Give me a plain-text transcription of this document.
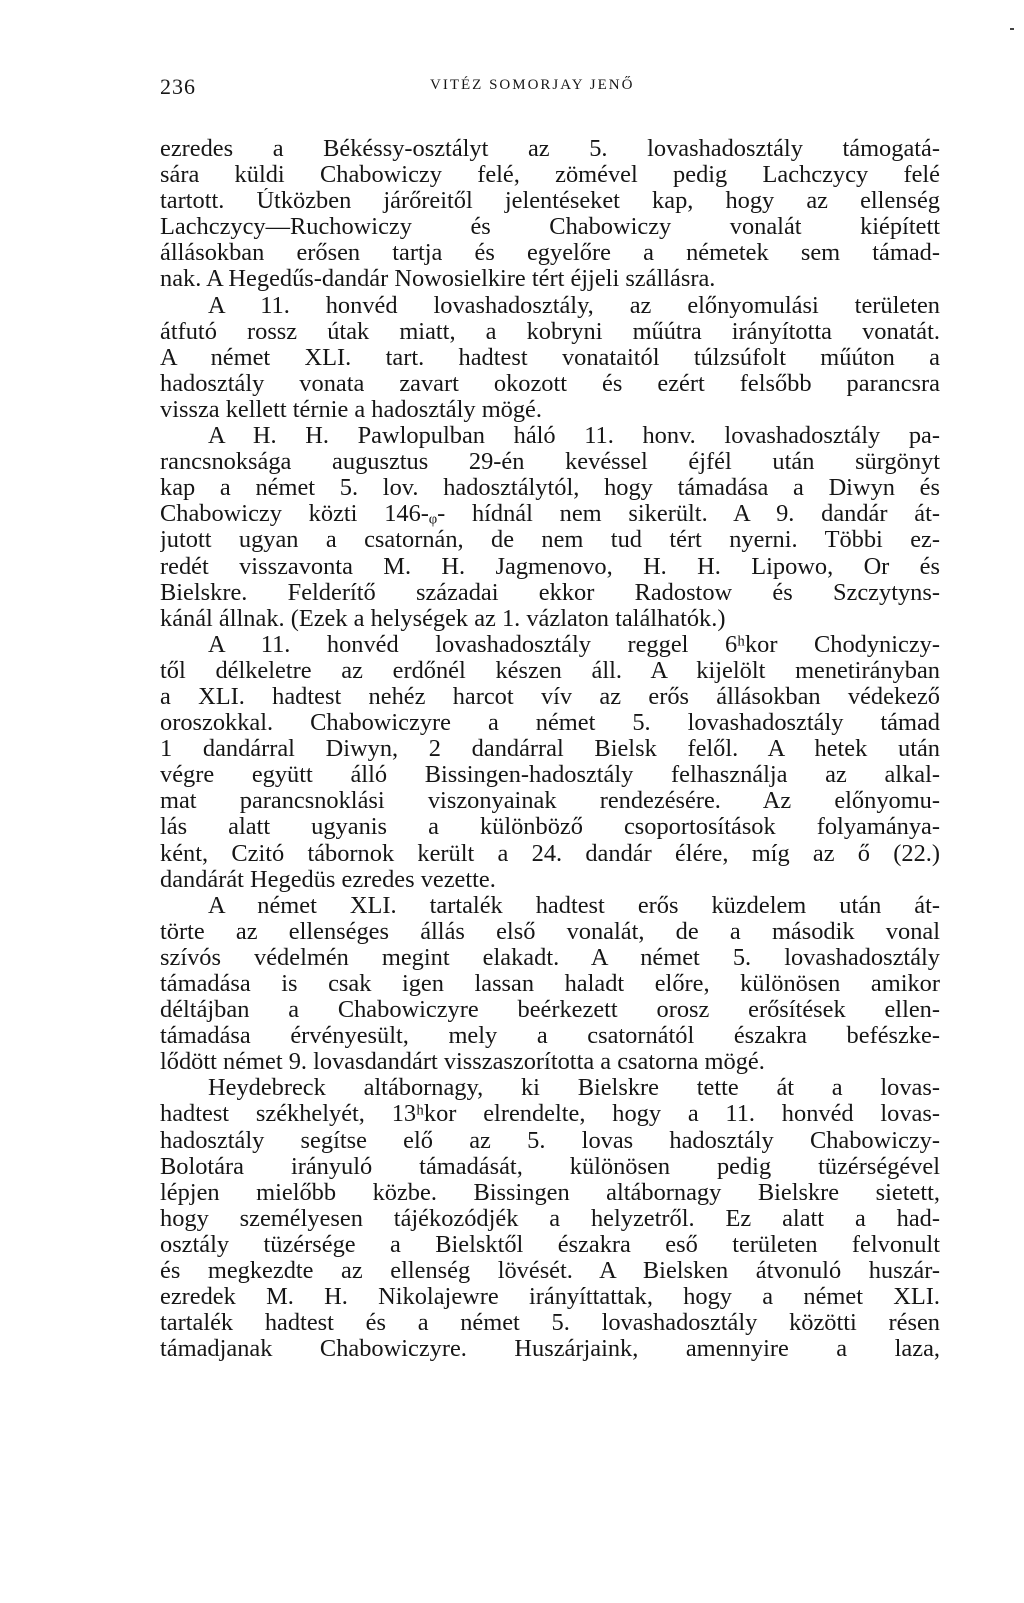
236	VITÉZ SOMORJAY JENŐ
ezredes a Békéssy-osztályt az 5. lovashadosztály támogatá-
sára küldi Chabowiczy felé, zömével pedig Lachczycy felé
tartott. Útközben járőreitől jelentéseket kap, hogy az ellenség
Lachczycy—Ruchowiczy és Chabowiczy vonalát kiépített
állásokban erősen tartja és egyelőre a németek sem támad-
nak. A Hegedűs-dandár Nowosielkire tért éjjeli szállásra.
A 11. honvéd lovashadosztály, az előnyomulási területen
átfutó rossz útak miatt, a kobryni műútra irányította vonatát.
A német XLI. tart. hadtest vonataitól túlzsúfolt műúton a
hadosztály vonata zavart okozott és ezért felsőbb parancsra
vissza kellett térnie a hadosztály mögé.
A H. H. Pawlopulban háló 11. honv. lovashadosztály pa-
rancsnoksága augusztus 29-én kevéssel éjfél után sürgönyt
kap a német 5. lov. hadosztálytól, hogy támadása a Diwyn és
Chabowiczy közti 146-ᵩ- hídnál nem sikerült. A 9. dandár át-
jutott ugyan a csatornán, de nem tud tért nyerni. Többi ez-
redét visszavonta M. H. Jagmenovo, H. H. Lipowo, Or és
Bielskre. Felderítő századai ekkor Radostow és Szczytyns-
kánál állnak. (Ezek a helységek az 1. vázlaton találhatók.)
A 11. honvéd lovashadosztály reggel 6ʰkor Chodyniczy-
től délkeletre az erdőnél készen áll. A kijelölt menetirányban
a XLI. hadtest nehéz harcot vív az erős állásokban védekező
oroszokkal. Chabowiczyre a német 5. lovashadosztály támad
1 dandárral Diwyn, 2 dandárral Bielsk felől. A hetek után
végre együtt álló Bissingen-hadosztály felhasználja az alkal-
mat parancsnoklási viszonyainak rendezésére. Az előnyomu-
lás alatt ugyanis a különböző csoportosítások folyamánya-
ként, Czitó tábornok került a 24. dandár élére, míg az ő (22.)
dandárát Hegedüs ezredes vezette.
A német XLI. tartalék hadtest erős küzdelem után át-
törte az ellenséges állás első vonalát, de a második vonal
szívós védelmén megint elakadt. A német 5. lovashadosztály
támadása is csak igen lassan haladt előre, különösen amikor
déltájban a Chabowiczyre beérkezett orosz erősítések ellen-
támadása érvényesült, mely a csatornától északra befészke-
lődött német 9. lovasdandárt visszaszorította a csatorna mögé.
Heydebreck altábornagy, ki Bielskre tette át a lovas-
hadtest székhelyét, 13ʰkor elrendelte, hogy a 11. honvéd lovas-
hadosztály segítse elő az 5. lovas hadosztály Chabowiczy-
Bolotára irányuló támadását, különösen pedig tüzérségével
lépjen mielőbb közbe. Bissingen altábornagy Bielskre sietett,
hogy személyesen tájékozódjék a helyzetről. Ez alatt a had-
osztály tüzérsége a Bielsktől északra eső területen felvonult
és megkezdte az ellenség lövését. A Bielsken átvonuló huszár-
ezredek M. H. Nikolajewre irányíttattak, hogy a német XLI.
tartalék hadtest és a német 5. lovashadosztály közötti résen
támadjanak Chabowiczyre. Huszárjaink, amennyire a laza,
